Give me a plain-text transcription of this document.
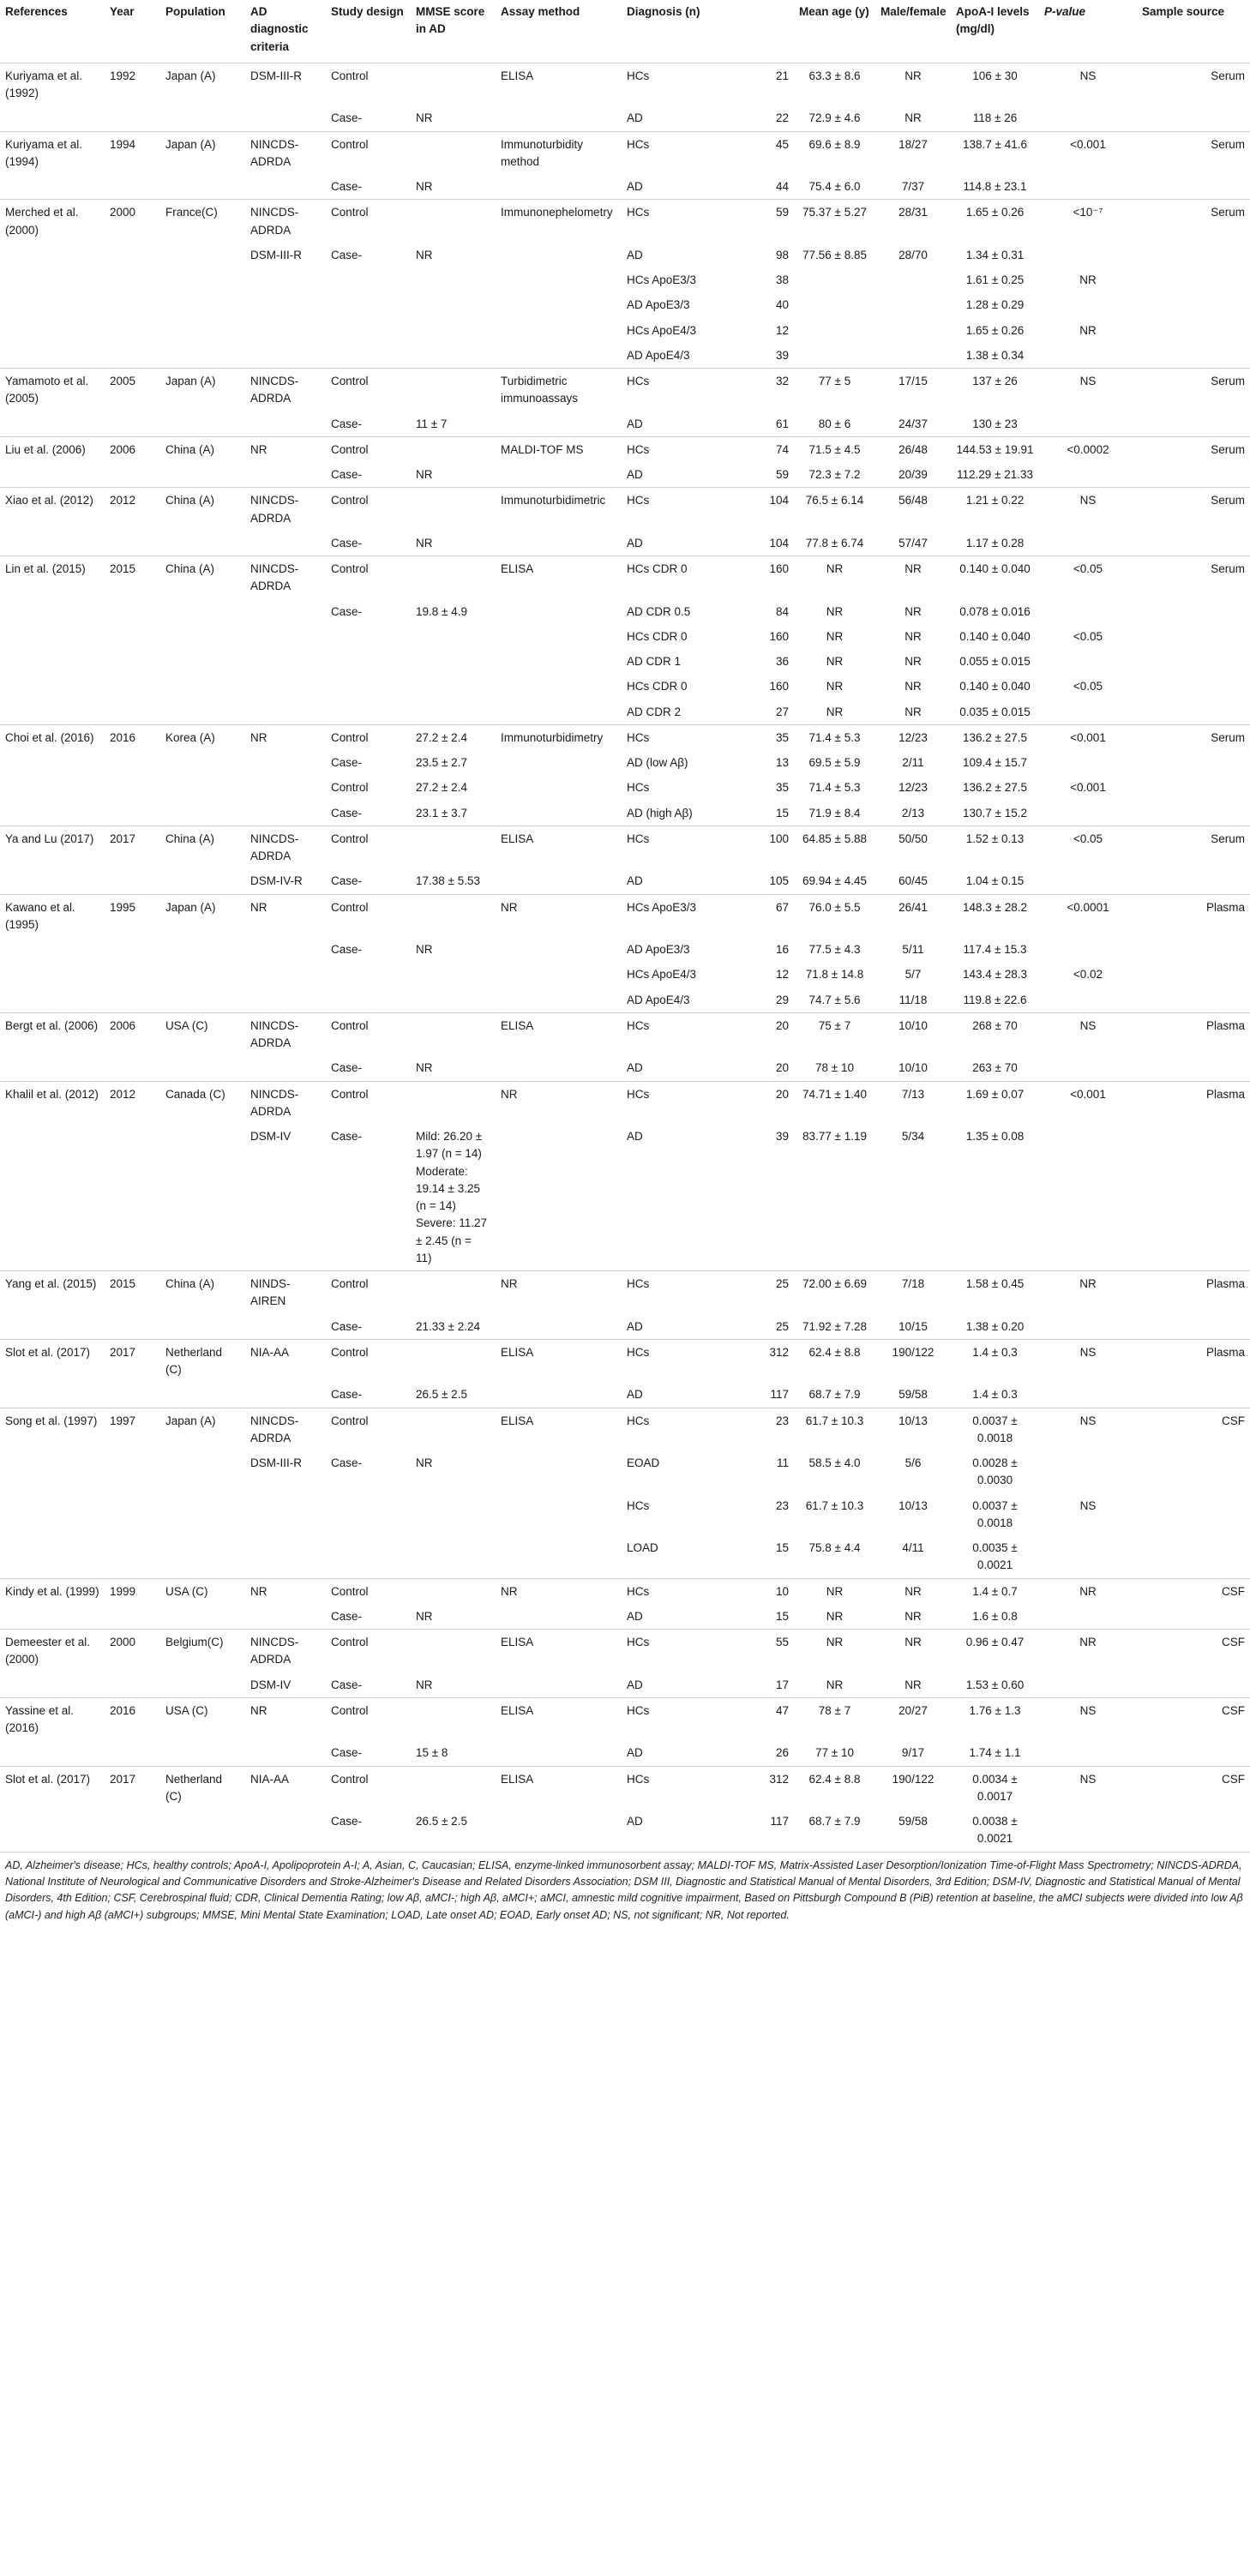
References	Year	Population	AD diagnostic criteria	Study design	MMSE score in AD	Assay method	Diagnosis (n)		Mean age (y)	Male/female	ApoA-I levels (mg/dl)	P-value	Sample source
Kuriyama et al. (1992)	1992	Japan (A)	DSM-III-R	Control		ELISA	HCs	21	63.3 ± 8.6	NR	106 ± 30	NS	Serum
				Case-	NR		AD	22	72.9 ± 4.6	NR	118 ± 26		
Kuriyama et al. (1994)	1994	Japan (A)	NINCDS-ADRDA	Control		Immunoturbidity method	HCs	45	69.6 ± 8.9	18/27	138.7 ± 41.6	<0.001	Serum
				Case-	NR		AD	44	75.4 ± 6.0	7/37	114.8 ± 23.1		
Merched et al. (2000)	2000	France(C)	NINCDS-ADRDA	Control		Immunonephelometry	HCs	59	75.37 ± 5.27	28/31	1.65 ± 0.26	<10⁻⁷	Serum
			DSM-III-R	Case-	NR		AD	98	77.56 ± 8.85	28/70	1.34 ± 0.31		
							HCs ApoE3/3	38			1.61 ± 0.25	NR	
							AD ApoE3/3	40			1.28 ± 0.29		
							HCs ApoE4/3	12			1.65 ± 0.26	NR	
							AD ApoE4/3	39			1.38 ± 0.34		
Yamamoto et al. (2005)	2005	Japan (A)	NINCDS-ADRDA	Control		Turbidimetric immunoassays	HCs	32	77 ± 5	17/15	137 ± 26	NS	Serum
				Case-	11 ± 7		AD	61	80 ± 6	24/37	130 ± 23		
Liu et al. (2006)	2006	China (A)	NR	Control		MALDI-TOF MS	HCs	74	71.5 ± 4.5	26/48	144.53 ± 19.91	<0.0002	Serum
				Case-	NR		AD	59	72.3 ± 7.2	20/39	112.29 ± 21.33		
Xiao et al. (2012)	2012	China (A)	NINCDS-ADRDA	Control		Immunoturbidimetric	HCs	104	76.5 ± 6.14	56/48	1.21 ± 0.22	NS	Serum
				Case-	NR		AD	104	77.8 ± 6.74	57/47	1.17 ± 0.28		
Lin et al. (2015)	2015	China (A)	NINCDS-ADRDA	Control		ELISA	HCs CDR 0	160	NR	NR	0.140 ± 0.040	<0.05	Serum
				Case-	19.8 ± 4.9		AD CDR 0.5	84	NR	NR	0.078 ± 0.016		
							HCs CDR 0	160	NR	NR	0.140 ± 0.040	<0.05	
							AD CDR 1	36	NR	NR	0.055 ± 0.015		
							HCs CDR 0	160	NR	NR	0.140 ± 0.040	<0.05	
							AD CDR 2	27	NR	NR	0.035 ± 0.015		
Choi et al. (2016)	2016	Korea (A)	NR	Control	27.2 ± 2.4	Immunoturbidimetry	HCs	35	71.4 ± 5.3	12/23	136.2 ± 27.5	<0.001	Serum
				Case-	23.5 ± 2.7		AD (low Aβ)	13	69.5 ± 5.9	2/11	109.4 ± 15.7		
				Control	27.2 ± 2.4		HCs	35	71.4 ± 5.3	12/23	136.2 ± 27.5	<0.001	
				Case-	23.1 ± 3.7		AD (high Aβ)	15	71.9 ± 8.4	2/13	130.7 ± 15.2		
Ya and Lu (2017)	2017	China (A)	NINCDS-ADRDA	Control		ELISA	HCs	100	64.85 ± 5.88	50/50	1.52 ± 0.13	<0.05	Serum
			DSM-IV-R	Case-	17.38 ± 5.53		AD	105	69.94 ± 4.45	60/45	1.04 ± 0.15		
Kawano et al. (1995)	1995	Japan (A)	NR	Control		NR	HCs ApoE3/3	67	76.0 ± 5.5	26/41	148.3 ± 28.2	<0.0001	Plasma
				Case-	NR		AD ApoE3/3	16	77.5 ± 4.3	5/11	117.4 ± 15.3		
							HCs ApoE4/3	12	71.8 ± 14.8	5/7	143.4 ± 28.3	<0.02	
							AD ApoE4/3	29	74.7 ± 5.6	11/18	119.8 ± 22.6		
Bergt et al. (2006)	2006	USA (C)	NINCDS-ADRDA	Control		ELISA	HCs	20	75 ± 7	10/10	268 ± 70	NS	Plasma
				Case-	NR		AD	20	78 ± 10	10/10	263 ± 70		
Khalil et al. (2012)	2012	Canada (C)	NINCDS-ADRDA	Control		NR	HCs	20	74.71 ± 1.40	7/13	1.69 ± 0.07	<0.001	Plasma
			DSM-IV	Case-	Mild: 26.20 ± 1.97 (n = 14)
Moderate: 19.14 ± 3.25 (n = 14)
Severe: 11.27 ± 2.45 (n = 11)		AD	39	83.77 ± 1.19	5/34	1.35 ± 0.08		
Yang et al. (2015)	2015	China (A)	NINDS-AIREN	Control		NR	HCs	25	72.00 ± 6.69	7/18	1.58 ± 0.45	NR	Plasma
				Case-	21.33 ± 2.24		AD	25	71.92 ± 7.28	10/15	1.38 ± 0.20		
Slot et al. (2017)	2017	Netherland (C)	NIA-AA	Control		ELISA	HCs	312	62.4 ± 8.8	190/122	1.4 ± 0.3	NS	Plasma
				Case-	26.5 ± 2.5		AD	117	68.7 ± 7.9	59/58	1.4 ± 0.3		
Song et al. (1997)	1997	Japan (A)	NINCDS-ADRDA	Control		ELISA	HCs	23	61.7 ± 10.3	10/13	0.0037 ± 0.0018	NS	CSF
			DSM-III-R	Case-	NR		EOAD	11	58.5 ± 4.0	5/6	0.0028 ± 0.0030		
							HCs	23	61.7 ± 10.3	10/13	0.0037 ± 0.0018	NS	
							LOAD	15	75.8 ± 4.4	4/11	0.0035 ± 0.0021		
Kindy et al. (1999)	1999	USA (C)	NR	Control		NR	HCs	10	NR	NR	1.4 ± 0.7	NR	CSF
				Case-	NR		AD	15	NR	NR	1.6 ± 0.8		
Demeester et al. (2000)	2000	Belgium(C)	NINCDS-ADRDA	Control		ELISA	HCs	55	NR	NR	0.96 ± 0.47	NR	CSF
			DSM-IV	Case-	NR		AD	17	NR	NR	1.53 ± 0.60		
Yassine et al. (2016)	2016	USA (C)	NR	Control		ELISA	HCs	47	78 ± 7	20/27	1.76 ± 1.3	NS	CSF
				Case-	15 ± 8		AD	26	77 ± 10	9/17	1.74 ± 1.1		
Slot et al. (2017)	2017	Netherland (C)	NIA-AA	Control		ELISA	HCs	312	62.4 ± 8.8	190/122	0.0034 ± 0.0017	NS	CSF
				Case-	26.5 ± 2.5		AD	117	68.7 ± 7.9	59/58	0.0038 ± 0.0021		
AD, Alzheimer's disease; HCs, healthy controls; ApoA-I, Apolipoprotein A-I; A, Asian, C, Caucasian; ELISA, enzyme-linked immunosorbent assay; MALDI-TOF MS, Matrix-Assisted Laser Desorption/Ionization Time-of-Flight Mass Spectrometry; NINCDS-ADRDA, National Institute of Neurological and Communicative Disorders and Stroke-Alzheimer's Disease and Related Disorders Association; DSM III, Diagnostic and Statistical Manual of Mental Disorders, 3rd Edition; DSM-IV, Diagnostic and Statistical Manual of Mental Disorders, 4th Edition; CSF, Cerebrospinal fluid; CDR, Clinical Dementia Rating; low Aβ, aMCI-; high Aβ, aMCI+; aMCI, amnestic mild cognitive impairment, Based on Pittsburgh Compound B (PiB) retention at baseline, the aMCI subjects were divided into low Aβ (aMCI-) and high Aβ (aMCI+) subgroups; MMSE, Mini Mental State Examination; LOAD, Late onset AD; EOAD, Early onset AD; NS, not significant; NR, Not reported.
